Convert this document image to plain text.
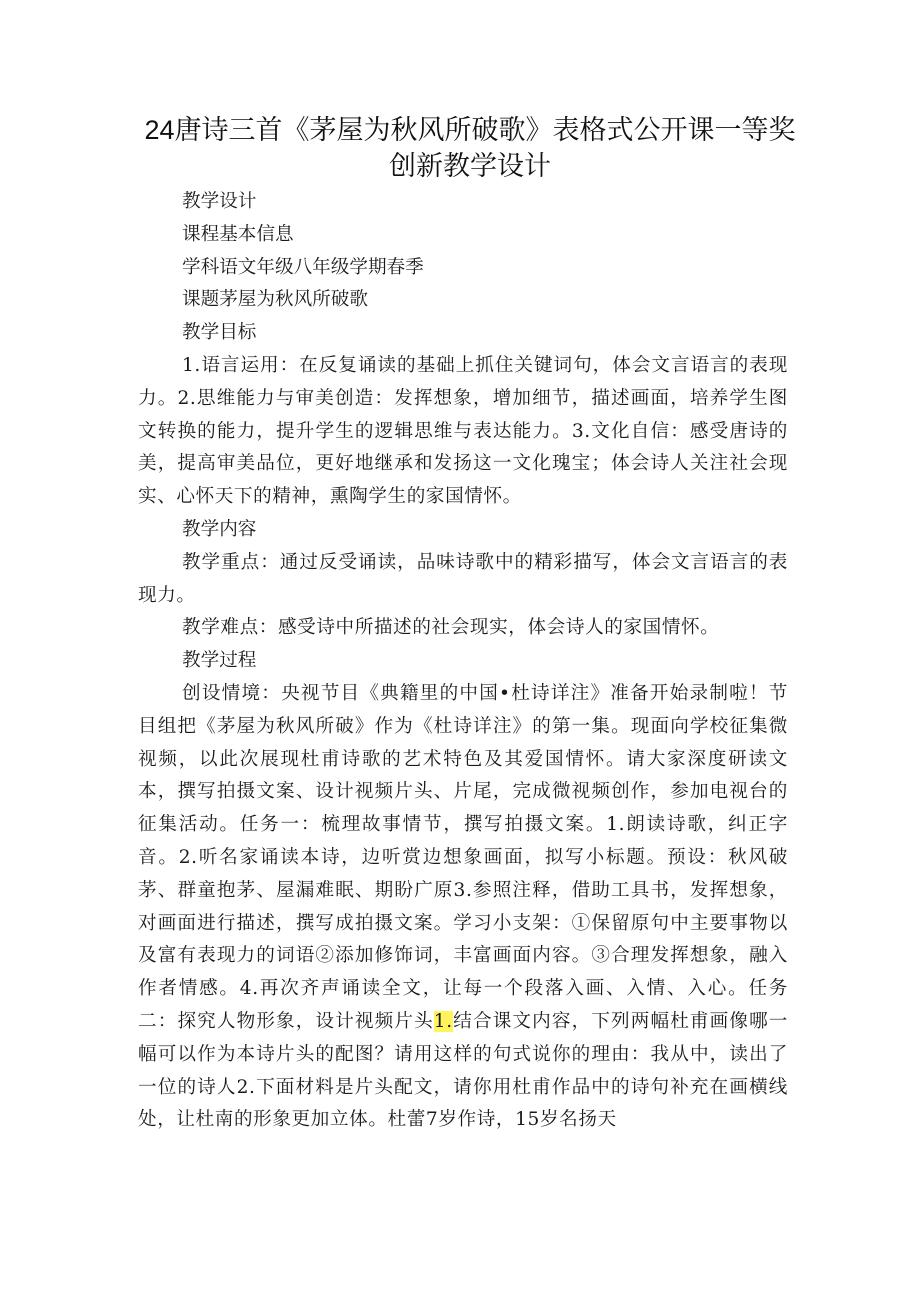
24唐诗三首《茅屋为秋风所破歌》表格式公开课一等奖
创新教学设计

教学设计

课程基本信息

学科语文年级八年级学期春季

课题茅屋为秋风所破歌

教学目标

1.语言运用：在反复诵读的基础上抓住关键词句，体会文言语言的表现力。2.思维能力与审美创造：发挥想象，增加细节，描述画面，培养学生图文转换的能力，提升学生的逻辑思维与表达能力。3.文化自信：感受唐诗的美，提高审美品位，更好地继承和发扬这一文化瑰宝；体会诗人关注社会现实、心怀天下的精神，熏陶学生的家国情怀。

教学内容

教学重点：通过反受诵读，品味诗歌中的精彩描写，体会文言语言的表现力。

教学难点：感受诗中所描述的社会现实，体会诗人的家国情怀。

教学过程

创设情境：央视节目《典籍里的中国•杜诗详注》准备开始录制啦！节目组把《茅屋为秋风所破》作为《杜诗详注》的第一集。现面向学校征集微视频，以此次展现杜甫诗歌的艺术特色及其爱国情怀。请大家深度研读文本，撰写拍摄文案、设计视频片头、片尾，完成微视频创作，参加电视台的征集活动。任务一：梳理故事情节，撰写拍摄文案。1.朗读诗歌，纠正字音。2.听名家诵读本诗，边听赏边想象画面，拟写小标题。预设：秋风破茅、群童抱茅、屋漏难眠、期盼广原3.参照注释，借助工具书，发挥想象，对画面进行描述，撰写成拍摄文案。学习小支架：①保留原句中主要事物以及富有表现力的词语②添加修饰词，丰富画面内容。③合理发挥想象，融入作者情感。4.再次齐声诵读全文，让每一个段落入画、入情、入心。任务二：探究人物形象，设计视频片头1.结合课文内容，下列两幅杜甫画像哪一幅可以作为本诗片头的配图？请用这样的句式说你的理由：我从中，读出了一位的诗人2.下面材料是片头配文，请你用杜甫作品中的诗句补充在画横线处，让杜南的形象更加立体。杜蕾7岁作诗，15岁名扬天
